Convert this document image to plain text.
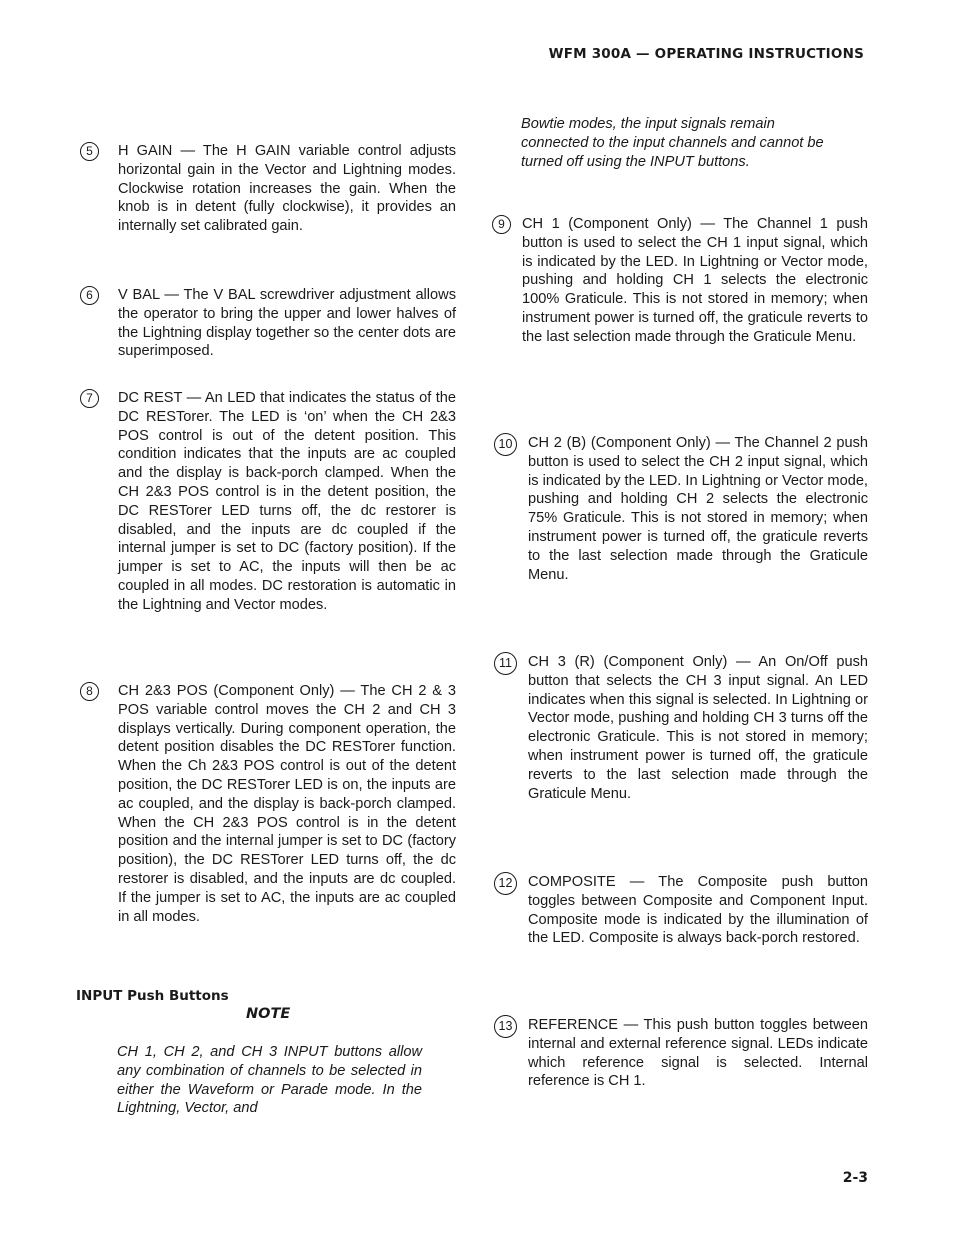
WFM 300A — OPERATING INSTRUCTIONS
5	H GAIN — The H GAIN variable control adjusts horizontal gain in the Vector and Lightning modes. Clockwise rotation increases the gain. When the knob is in detent (fully clockwise), it provides an internally set calibrated gain.
6	V BAL — The V BAL screwdriver adjustment allows the operator to bring the upper and lower halves of the Lightning display together so the center dots are superimposed.
7	DC REST — An LED that indicates the status of the DC RESTorer. The LED is ‘on’ when the CH 2&3 POS control is out of the detent position. This condition indicates that the inputs are ac coupled and the display is back-porch clamped. When the CH 2&3 POS control is in the detent position, the DC RESTorer LED turns off, the dc restorer is disabled, and the inputs are dc coupled if the internal jumper is set to DC (factory position). If the jumper is set to AC, the inputs will then be ac coupled in all modes. DC restoration is automatic in the Lightning and Vector modes.
8	CH 2&3 POS (Component Only) — The CH 2 & 3 POS variable control moves the CH 2 and CH 3 displays vertically. During component operation, the detent position disables the DC RESTorer function. When the Ch 2&3 POS control is out of the detent position, the DC RESTorer LED is on, the inputs are ac coupled, and the display is back-porch clamped. When the CH 2&3 POS control is in the detent position and the internal jumper is set to DC (factory position), the DC RESTorer LED turns off, the dc restorer is disabled, and the inputs are dc coupled. If the jumper is set to AC, the inputs are ac coupled in all modes.
INPUT Push Buttons
NOTE
CH 1, CH 2, and CH 3 INPUT buttons allow any combination of channels to be selected in either the Waveform or Parade mode. In the Lightning, Vector, and
Bowtie modes, the input signals remain connected to the input channels and cannot be turned off using the INPUT buttons.
9	CH 1 (Component Only) — The Channel 1 push button is used to select the CH 1 input signal, which is indicated by the LED. In Lightning or Vector mode, pushing and holding CH 1 selects the electronic 100% Graticule. This is not stored in memory; when instrument power is turned off, the graticule reverts to the last selection made through the Graticule Menu.
10	CH 2 (B) (Component Only) — The Channel 2 push button is used to select the CH 2 input signal, which is indicated by the LED. In Lightning or Vector mode, pushing and holding CH 2 selects the electronic 75% Graticule. This is not stored in memory; when instrument power is turned off, the graticule reverts to the last selection made through the Graticule Menu.
11	CH 3 (R) (Component Only) — An On/Off push button that selects the CH 3 input signal. An LED indicates when this signal is selected. In Lightning or Vector mode, pushing and holding CH 3 turns off the electronic Graticule. This is not stored in memory; when instrument power is turned off, the graticule reverts to the last selection made through the Graticule Menu.
12	COMPOSITE — The Composite push button toggles between Composite and Component Input. Composite mode is indicated by the illumination of the LED. Composite is always back-porch restored.
13	REFERENCE — This push button toggles between internal and external reference signal. LEDs indicate which reference signal is selected. Internal reference is CH 1.
2-3
